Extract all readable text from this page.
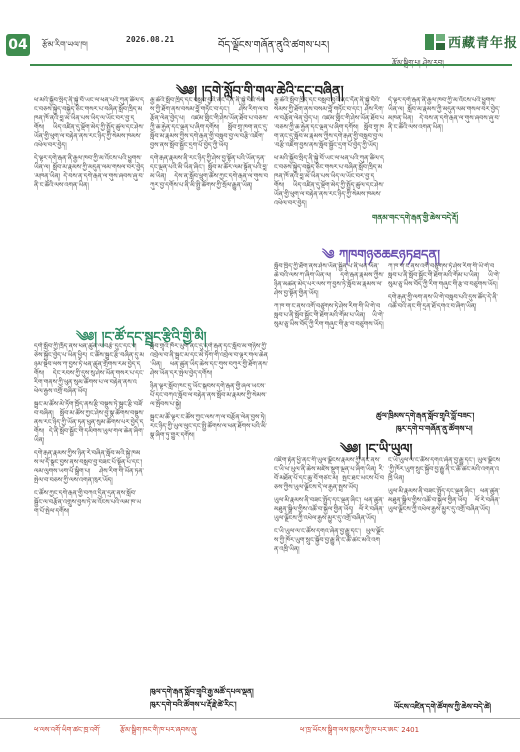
04 རྩོམ་རིག་ཡལ་ཁ།
2026.08.21
བོད་ལྗོངས་གཞོན་ནུའི་ཚགས་པར།	西藏青年报
རྩོམ་སྒྲིག་པ། ཤེས་རབ།
༄༅། །དགེ་སློབ་གི་གལ་ཆེའི་དང་བཞིན།

ཕ་མའི་སྐྱོབ་སྲིད་ནི་སྐྱེ་བོ་ཡང་ལ་ཕན་པའི་ཀུན་ཚིལ་དང་བཅས་སྐྱེད་བསྐྱེད་ཅིང་གསར་པ་བཞིན་སློབ་ཁྲིད་མཁན་ཁོ་ནའི་བླ་མ་ཡིན་པས་ཡིད་ལ་ཡོང་བར་བྱ་དགོས། ཡིད་འཛིན་དུ་ལྡོག་མེད་ཀྱི་སྤྱོད་ཚུལ་དང་ཤེས་ཡོན་གྱི་ཕུག་ལ་བརྟེན་ནས་རང་ཉིད་ཀྱི་སེམས་ཁམས་འཕེལ་བར་བྱེད།

དེ་ལྟར་དགེ་རྒན་ནི་རྒྱལ་ཁབ་ཀྱི་མ་འོངས་པའི་ཕྱུགས་ཡིན་ལ། སློབ་མ་རྣམས་ཀྱི་མདུན་ལམ་གསལ་བར་བྱེད་མཁན་ཡིན། དེ་བས་ན་དགེ་རྒན་ལ་གུས་ཞབས་ཞུ་བ་ནི་ང་ཚོའི་ལས་འགན་ཡིན།

རྒྱ་ཆེའི་སློབ་ཁྲིད་དང་བསླབ་བྱའི་ནང་དོན་ནི་སྐྱེ་བོའི་སེམས་ཀྱི་ཐོག་ནས་བསམ་བློ་གཏོང་བ་དང་། ཤེས་རིག་ལ་བརྩོན་ལེན་བྱེད་པ། འཛམ་གླིང་གི་ཤེས་ཡོན་ཐོབ་པ་བཅས་ཀྱི་ཆ་རྐྱེན་དང་ལྡན་པ་ཞིག་དགོས། སློབ་གྲྭ་ཁག་ནང་དུ་སློབ་མ་རྣམས་ཀྱིས་དགེ་རྒན་གྱི་བསླབ་བྱ་ལ་བརྩི་འཇོག་བྱས་ནས་སློབ་སྦྱོང་དྲག་པོ་བྱེད་ཀྱི་ཡོད།

དགེ་རྒན་རྣམས་ནི་རང་ཉིད་ཀྱི་ཤེས་བྱ་སྟོན་པའི་ཡོན་ཏན་དང་ལྡན་པའི་མི་ཡིན་ཞིང་། སློབ་མ་ཚོར་ལམ་སྟོན་པའི་བླ་མ་ཡིན། དེས་ན་སློབ་ཕྲུག་ཚོས་ཀྱང་དགེ་རྒན་ལ་གུས་བཀུར་བྱ་དགོས་པ་ནི་མི་སྤྱི་ཚོགས་ཀྱི་སྲོལ་རྒྱུན་ཡིན།

རྒྱ་ཆེའི་སློབ་ཁྲིད་དང་བསླབ་བྱའི་ནང་དོན་ནི་སྐྱེ་བོའི་སེམས་ཀྱི་ཐོག་ནས་བསམ་བློ་གཏོང་བ་དང་། ཤེས་རིག་ལ་བརྩོན་ལེན་བྱེད་པ། འཛམ་གླིང་གི་ཤེས་ཡོན་ཐོབ་པ་བཅས་ཀྱི་ཆ་རྐྱེན་དང་ལྡན་པ་ཞིག་དགོས། སློབ་གྲྭ་ཁག་ནང་དུ་སློབ་མ་རྣམས་ཀྱིས་དགེ་རྒན་གྱི་བསླབ་བྱ་ལ་བརྩི་འཇོག་བྱས་ནས་སློབ་སྦྱོང་དྲག་པོ་བྱེད་ཀྱི་ཡོད།

ཕ་མའི་སྐྱོབ་སྲིད་ནི་སྐྱེ་བོ་ཡང་ལ་ཕན་པའི་ཀུན་ཚིལ་དང་བཅས་སྐྱེད་བསྐྱེད་ཅིང་གསར་པ་བཞིན་སློབ་ཁྲིད་མཁན་ཁོ་ནའི་བླ་མ་ཡིན་པས་ཡིད་ལ་ཡོང་བར་བྱ་དགོས། ཡིད་འཛིན་དུ་ལྡོག་མེད་ཀྱི་སྤྱོད་ཚུལ་དང་ཤེས་ཡོན་གྱི་ཕུག་ལ་བརྟེན་ནས་རང་ཉིད་ཀྱི་སེམས་ཁམས་འཕེལ་བར་བྱེད།

དེ་ལྟར་དགེ་རྒན་ནི་རྒྱལ་ཁབ་ཀྱི་མ་འོངས་པའི་ཕྱུགས་ཡིན་ལ། སློབ་མ་རྣམས་ཀྱི་མདུན་ལམ་གསལ་བར་བྱེད་མཁན་ཡིན། དེ་བས་ན་དགེ་རྒན་ལ་གུས་ཞབས་ཞུ་བ་ནི་ང་ཚོའི་ལས་འགན་ཡིན།

གནམ་གང་དགེ་རྒན་གྱི་ཆེས་བདེ་རྡོ།
༄༅། །ང་ཚོ་དང་སྦྲང་རྩིའི་གྱི་མི།

དགེ་སློབ་ཀྱི་ཁྲོད་ནས་ཕན་ཚུན་ལ་བརྩེ་དུང་དང་གཅེས་སྐྱོང་བྱེད་པ་ཡིན་ཕྱིར། ང་ཚོས་སྦྲང་རྩི་བཞིན་དུ་མཉམ་སྡེབ་ལས་ཀ་བྱས་ཏེ་ཕན་ཚུན་གྲོགས་རམ་བྱེད་དགོས། དེང་རབས་ཀྱི་དུས་སུ་ཤེས་ཡོན་གསར་པ་དང་རིག་གནས་ཀྱི་ཕུན་སུམ་ཚོགས་པ་ལ་བརྟེན་ནས་འཕེལ་རྒྱས་འགྲོ་བཞིན་ཡོད།

སྦྲང་མ་ཚོས་མེ་ཏོག་ཁྲོད་ནས་རྩི་བསྡུས་ཏེ་སྦྲང་རྩི་བཟོ་བ་བཞིན། སློབ་མ་ཚོས་ཀྱང་ཤེས་བྱ་སྣ་ཚོགས་བསྡུས་ནས་རང་ཉིད་ཀྱི་ཡོན་ཏན་ཕུན་སུམ་ཚོགས་པར་བྱེད་དགོས། དེ་ནི་སློབ་སྦྱོང་གི་དམིགས་ཡུལ་གལ་ཆེན་ཞིག་ཡིན།

དགེ་རྒན་རྣམས་ཀྱིས་ཉིན་རེ་བཞིན་སློབ་མའི་སྐྱེ་ཁམས་ལ་དོ་སྣང་བྱས་ནས་བསླབ་བྱ་བཟང་པོ་སྟོན་པ་དང་། ལམ་ལུགས་ཡག་པོ་སྒྲིག་པ། ཤེས་རིག་གི་ཡོན་ཏན་སྤེལ་བ་བཅས་ཀྱི་ལས་འགན་ཁུར་ཡོད།

ང་ཚོས་ཀྱང་དགེ་རྒན་གྱི་བཀའ་དྲིན་དྲན་ནས་སློབ་སྦྱོང་ལ་བརྩོན་འགྲུས་བྱས་ཏེ་མ་འོངས་པའི་ལམ་ཁ་ཡག་པོ་སྤེལ་དགོས།

སློབ་གྲྭའི་ཁོར་ཡུག་ནང་དུ་དགེ་རྒན་དང་སློབ་མ་གཉིས་ཀྱི་འབྲེལ་བ་ནི་སྦྲང་མ་དང་མེ་ཏོག་གི་འབྲེལ་བ་ལྟར་གལ་ཆེན་ཡིན། ཕན་ཚུན་ཡིད་ཆེས་དང་གུས་བཀུར་གྱི་ཐོག་ནས་ཤེས་ཡོན་དར་སྤེལ་བྱེད་དགོས།

ཉིན་ལྟར་སློབ་ཁང་དུ་ཡོང་སྐབས་དགེ་རྒན་གྱི་ཞལ་ཡངས་པོ་དང་བཀའ་སློབ་ལ་བརྟེན་ནས་སློབ་མ་རྣམས་ཀྱི་སེམས་ལ་སྤོབས་པ་སྐྱེ།

སྦྲང་མ་ཚོ་ལྟར་ང་ཚོས་ཀྱང་ལས་ཀ་ལ་བརྩོན་ལེན་བྱས་ཏེ། རང་ཉིད་ཀྱི་ཡུལ་ལུང་དང་སྤྱི་ཚོགས་ལ་ཕན་ཐོགས་པའི་མི་སྣ་ཞིག་ཏུ་གྱུར་དགོས།

ཁུལ་དགེ་རྒན་སློབ་གྲྭའི་རྒྱ་མཚོ་དཔལ་ལྡན།
ཁུར་དགེ་བའི་ཚོགས་པ་རྡོ་རྗེ་ཚེ་རིང་།
༄ ཀཁགཉཅཆཇཉཏཐདན།

སློབ་ཁྲིད་ཀྱི་ཐོག་ནས་ཤེས་ཡོན་སྦྱིན་པ་ནི་ཕན་ཡོན་ཆེ་བའི་ལས་ཀ་ཞིག་ཡིན་ལ། དགེ་རྒན་རྣམས་ཀྱིས་ཉིན་མཚན་མེད་པར་ལས་ཀ་བྱས་ཏེ་སློབ་མ་རྣམས་ལ་ཤེས་བྱ་སྟོན་གྱིན་ཡོད།

ཀ་ཁ་ག་ང་ནས་འགོ་བཙུགས་ཏེ་ཤེས་རིག་གི་ཡི་གེ་བསླབ་པ་ནི་སློབ་སྦྱོང་གི་ཐོག་མའི་གོམ་པ་ཡིན། ཡི་གེ་སུམ་ཅུ་ཡིས་བོད་ཀྱི་རིག་གཞུང་གི་རྩ་བ་བཙུགས་ཡོད།

ཀ་ཁ་ག་ང་ནས་འགོ་བཙུགས་ཏེ་ཤེས་རིག་གི་ཡི་གེ་བསླབ་པ་ནི་སློབ་སྦྱོང་གི་ཐོག་མའི་གོམ་པ་ཡིན། ཡི་གེ་སུམ་ཅུ་ཡིས་བོད་ཀྱི་རིག་གཞུང་གི་རྩ་བ་བཙུགས་ཡོད།

དགེ་རྒན་གྱི་ལག་ནས་ཡི་གེ་བསླབ་པའི་དུས་ཚོད་དེ་ནི་འཚོ་བའི་ནང་གི་དྲན་ཐོ་དགའ་བ་ཞིག་ཡིན།

ཚུལ་ཁྲིམས་དགེ་རྒན་སློབ་གྲྭའི་བློ་བཟང་།
ཁུར་དགེ་བ་གཞོན་ནུ་ཚོགས་པ།
༄༅། །ང་ཡི་ཡུལ།

འཇིག་རྟེན་ཕྱི་ནང་གི་ཡུལ་ལྗོངས་རྣམས་ཀྱི་ནང་ནས་ང་ཡི་ཕ་ཡུལ་ནི་ཆེས་མཛེས་སྡུག་ལྡན་པ་ཞིག་ཡིན། རི་བོ་མཐོན་པོ་དང་ཆུ་བོ་གཙང་མ། སྤང་ཐང་ཡངས་པོ་བཅས་ཀྱིས་ཡུལ་ལྗོངས་དེ་ལ་རྒྱན་སྤྲས་ཡོད།

ཡུལ་མི་རྣམས་ནི་བཟང་སྤྱོད་དང་ལྡན་ཞིང་། ཕན་ཚུན་མཐུན་སྒྲིལ་གྱིས་འཚོ་བ་སྐྱེལ་གྱིན་ཡོད། ལོ་རེ་བཞིན་ཡུལ་ལྗོངས་ཀྱི་འཕེལ་རྒྱས་མྱུར་དུ་འགྲོ་བཞིན་ཡོད།

ང་ཡི་ཡུལ་ལ་ང་ཚོས་དགའ་ཞེན་བྱ་རྒྱུ་དང་། ཡུལ་ལྗོངས་ཀྱི་ཁོར་ཡུག་སྲུང་སྐྱོབ་བྱ་རྒྱུ་ནི་ང་ཚོ་ཚང་མའི་འགན་འཁྲི་ཡིན།

ང་ཡི་ཡུལ་ལ་ང་ཚོས་དགའ་ཞེན་བྱ་རྒྱུ་དང་། ཡུལ་ལྗོངས་ཀྱི་ཁོར་ཡུག་སྲུང་སྐྱོབ་བྱ་རྒྱུ་ནི་ང་ཚོ་ཚང་མའི་འགན་འཁྲི་ཡིན།

ཡུལ་མི་རྣམས་ནི་བཟང་སྤྱོད་དང་ལྡན་ཞིང་། ཕན་ཚུན་མཐུན་སྒྲིལ་གྱིས་འཚོ་བ་སྐྱེལ་གྱིན་ཡོད། ལོ་རེ་བཞིན་ཡུལ་ལྗོངས་ཀྱི་འཕེལ་རྒྱས་མྱུར་དུ་འགྲོ་བཞིན་ཡོད།

ཡོངས་འཛིན་དགེ་ཚོགས་ཀྱི་ཆེས་བདེ་ཚེ།
ཕ་ལས་འགོ་ཡིག་ཚང་ཁྲ་འགོ་	རྩོམ་སྒྲིག་ཁང་གི་ཁ་པར་ཞབས་ཞུ་	ཕ་ཁྲ་ཡོངས་སྒྲིག་ལས་ཁུངས་ཀྱི་ཁ་པར་ཨང་ 2401
